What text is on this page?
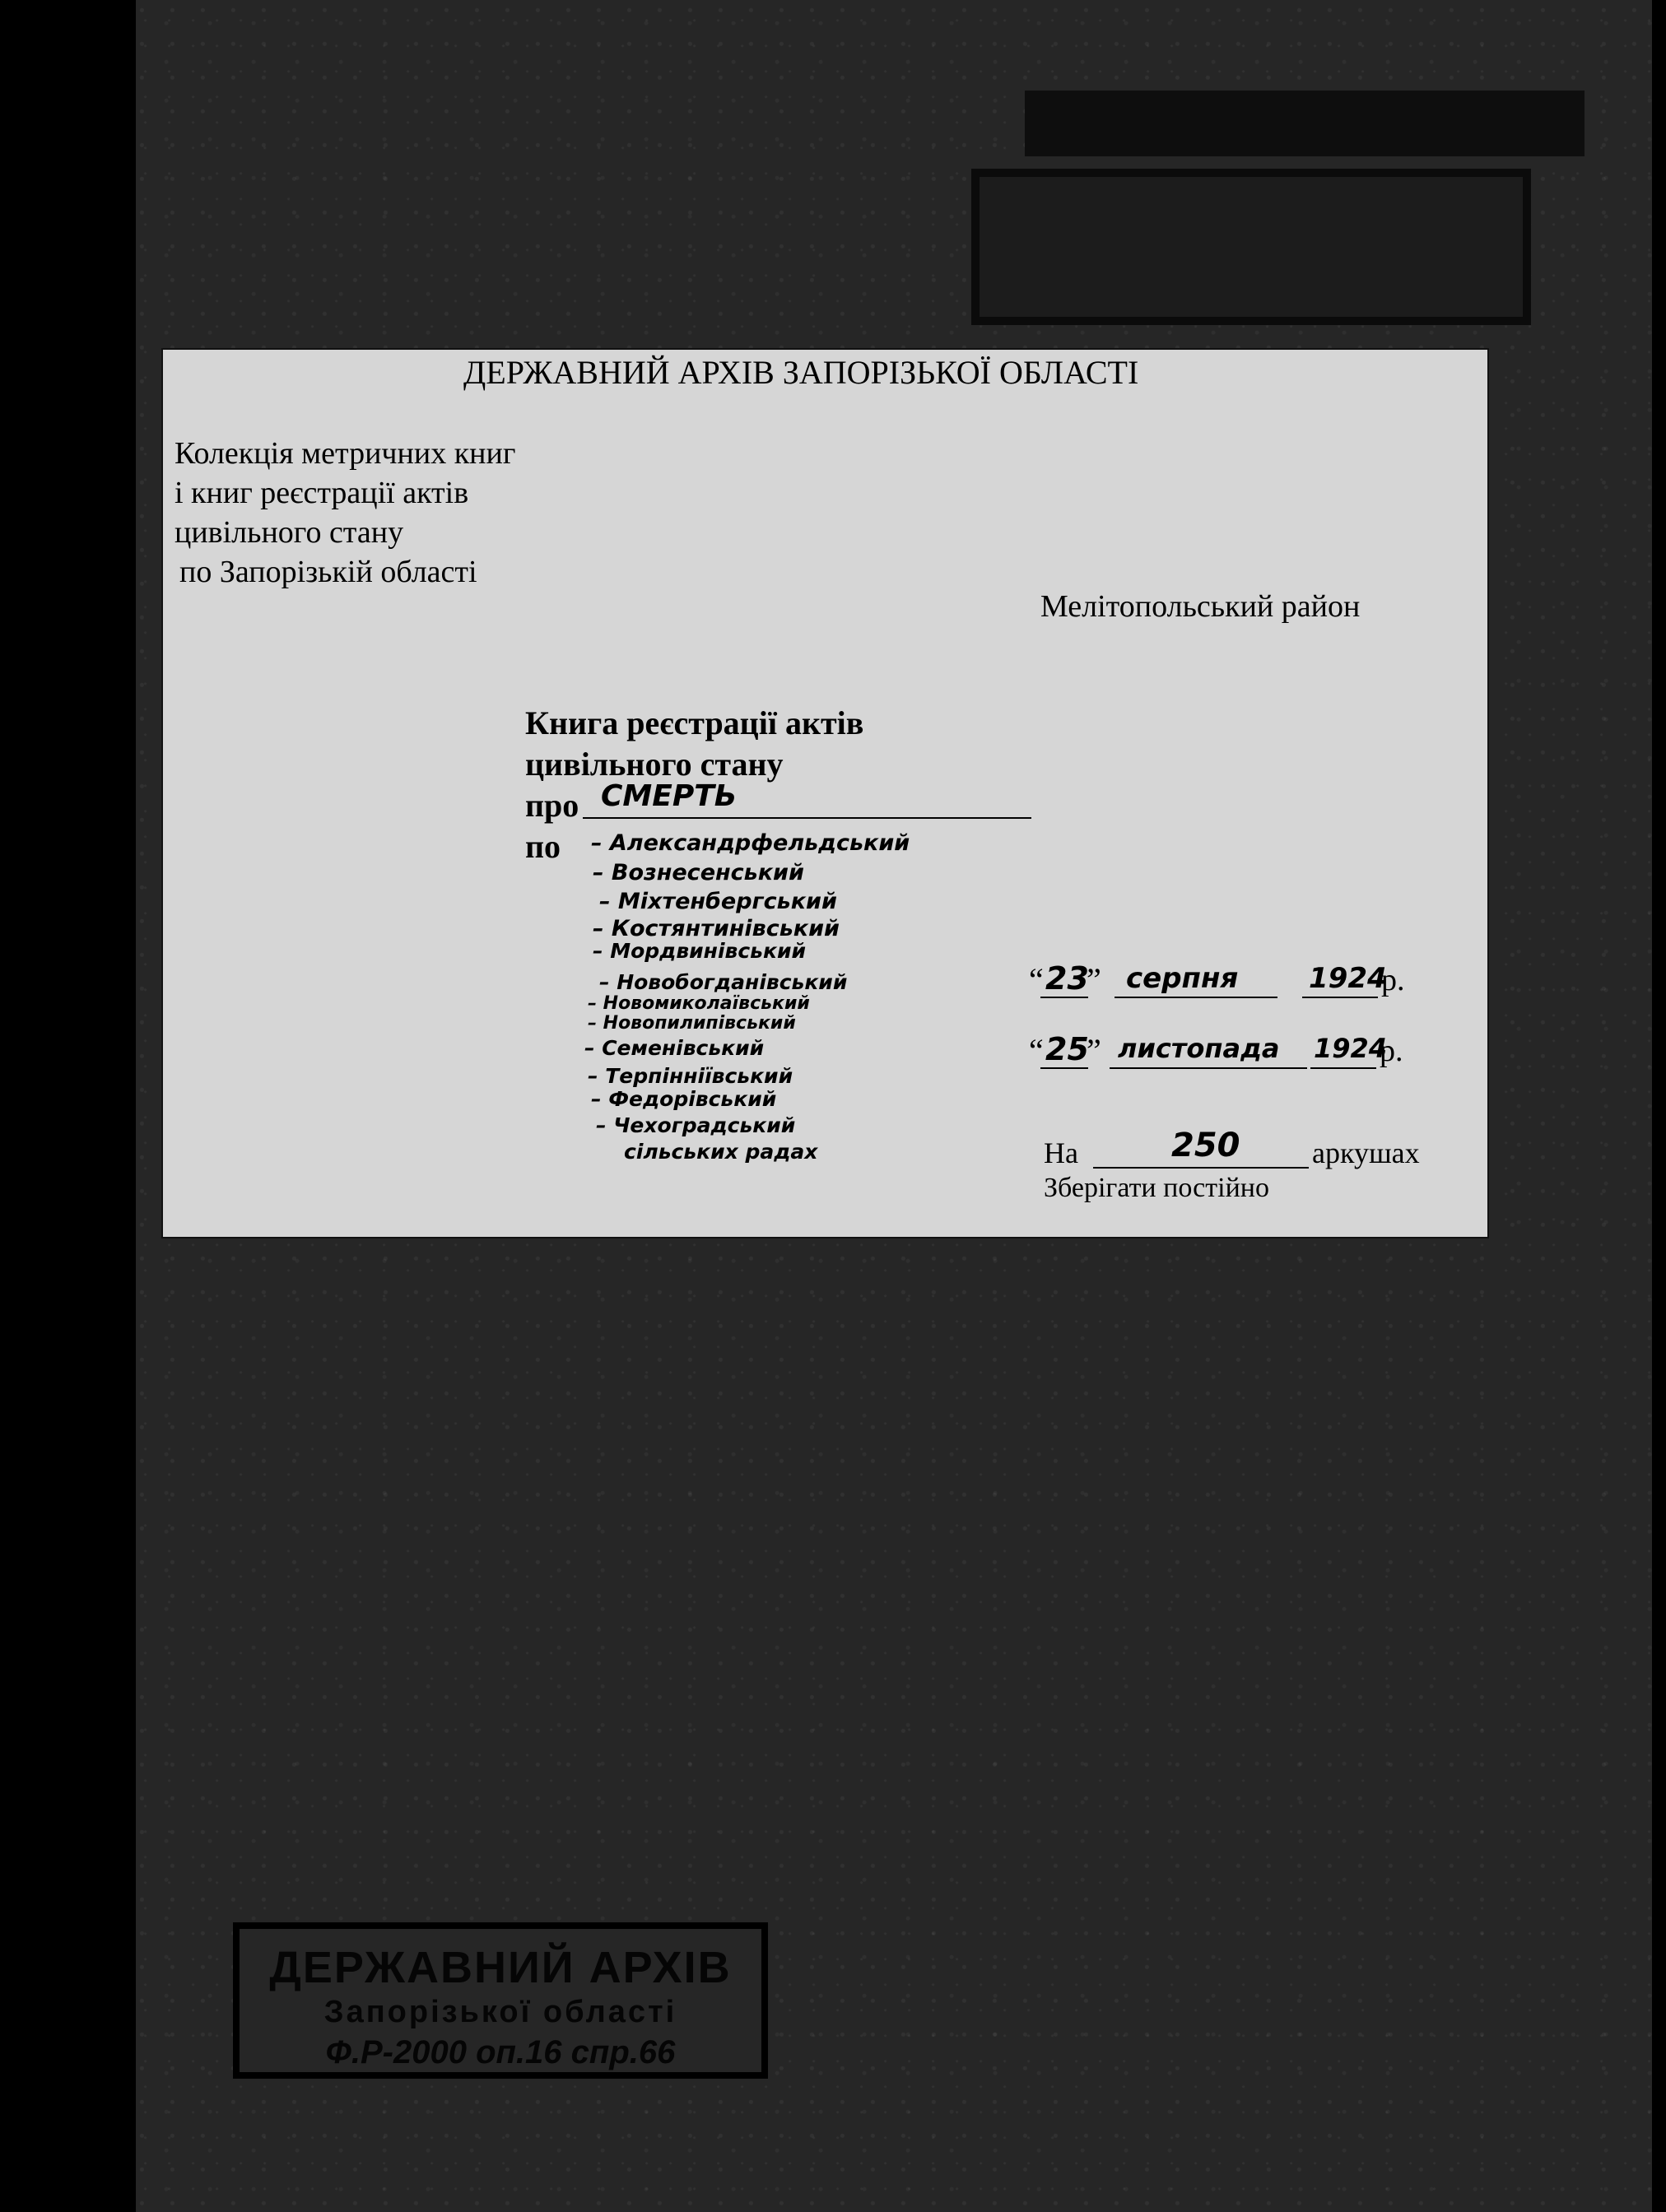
ДЕРЖАВНИЙ АРХІВ ЗАПОРІЗЬКОЇ ОБЛАСТІ
Колекція метричних книг
і книг реєстрації актів
цивільного стану
по Запорізькій області
Мелітопольський район
Книга реєстрації актів
цивільного стану
про СМЕРТЬ
по – Александрфельдський
– Вознесенський
– Міхтенбергський
– Костянтинівський
– Мордвинівський
– Новобогданівський
– Новомиколаївський
– Новопилипівський
– Семенівський
– Терпінніївський
– Федорівський
– Чехоградський
сільських радах
“ 23
” серпня	1924
р.
“ 25
” листопада 1924
р.
На	250 аркушах
Зберігати постійно
ДЕРЖАВНИЙ АРХІВ
Запорізької області
Ф.Р-2000 оп.16 спр.66
